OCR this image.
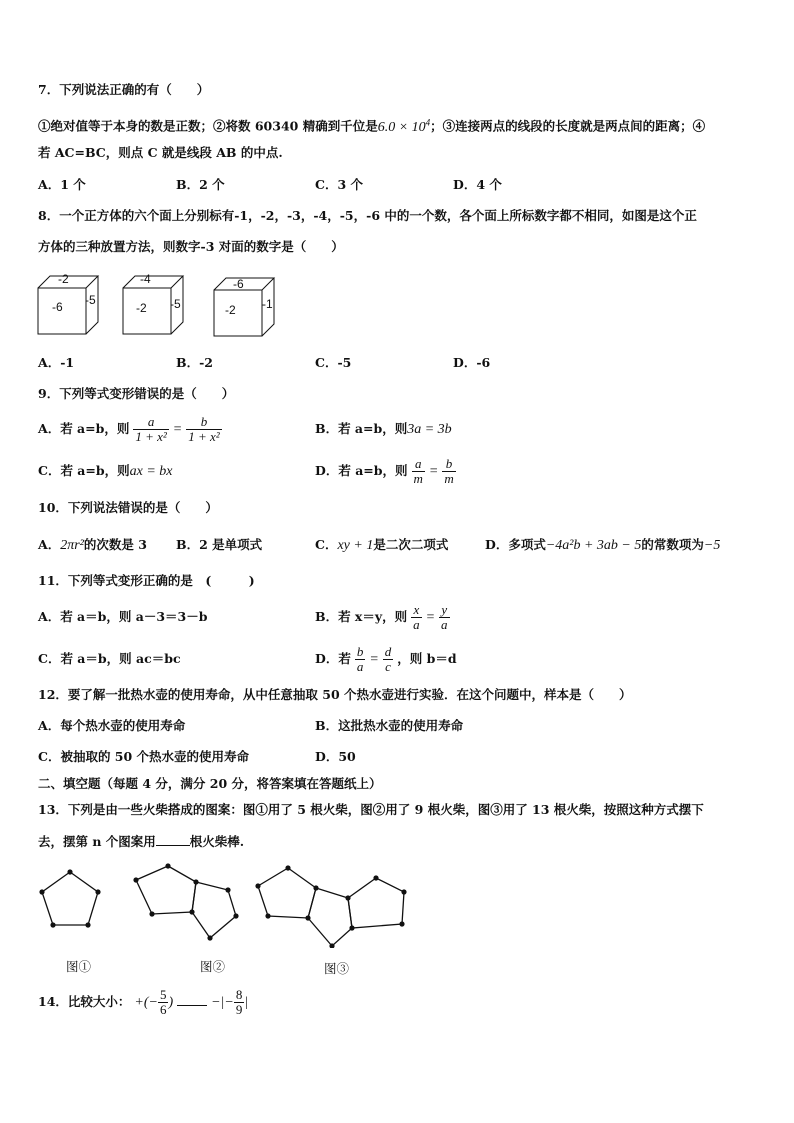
7．下列说法正确的有（　　）
①绝对值等于本身的数是正数；②将数 60340 精确到千位是$6.0 \times 10^4$；③连接两点的线段的长度就是两点间的距离；④
若 AC=BC，则点 C 就是线段 AB 的中点.
A．1 个	B．2 个	C．3 个	D．4 个
8．一个正方体的六个面上分别标有-1，-2，-3，-4，-5，-6 中的一个数，各个面上所标数字都不相同，如图是这个正
方体的三种放置方法，则数字-3 对面的数字是（　　）
-2
-6 -5
-4
-2 -5
-6
-2 -1
A．-1	B．-2	C．-5	D．-6
9．下列等式变形错误的是（　　）
A．若 a=b，则 $\frac{a}{\text{1 + x²}} = \frac{b}{\text{1 + x²}}$	B．若 a=b，则3a = 3b
C．若 a=b，则ax = bx	D．若 a=b，则 $\frac{a}{m} = \frac{b}{m}$
10．下列说法错误的是（　　）
A．2πr²的次数是 3 B．2 是单项式	C．xy + 1是二次二项式	D．多项式−4a²b + 3ab − 5的常数项为−5
11．下列等式变形正确的是　(　　　)
A．若 a＝b，则 a－3＝3－b	B．若 x＝y，则 $\frac{x}{a} = \frac{y}{a}$
C．若 a＝b，则 ac＝bc	D．若 $\frac{b}{a} = \frac{d}{c}$ ，则 b＝d
12．要了解一批热水壶的使用寿命，从中任意抽取 50 个热水壶进行实验．在这个问题中，样本是（　　）
A．每个热水壶的使用寿命	B．这批热水壶的使用寿命
C．被抽取的 50 个热水壶的使用寿命	D．50
二、填空题（每题 4 分，满分 20 分，将答案填在答题纸上）
13．下列是由一些火柴搭成的图案：图①用了 5 根火柴，图②用了 9 根火柴，图③用了 13 根火柴，按照这种方式摆下
去，摆第 n 个图案用	根火柴棒.
图①	图②	图③
14．比较大小： +(− $\frac{5}{6}$ )	−|− $\frac{8}{9}$ |
